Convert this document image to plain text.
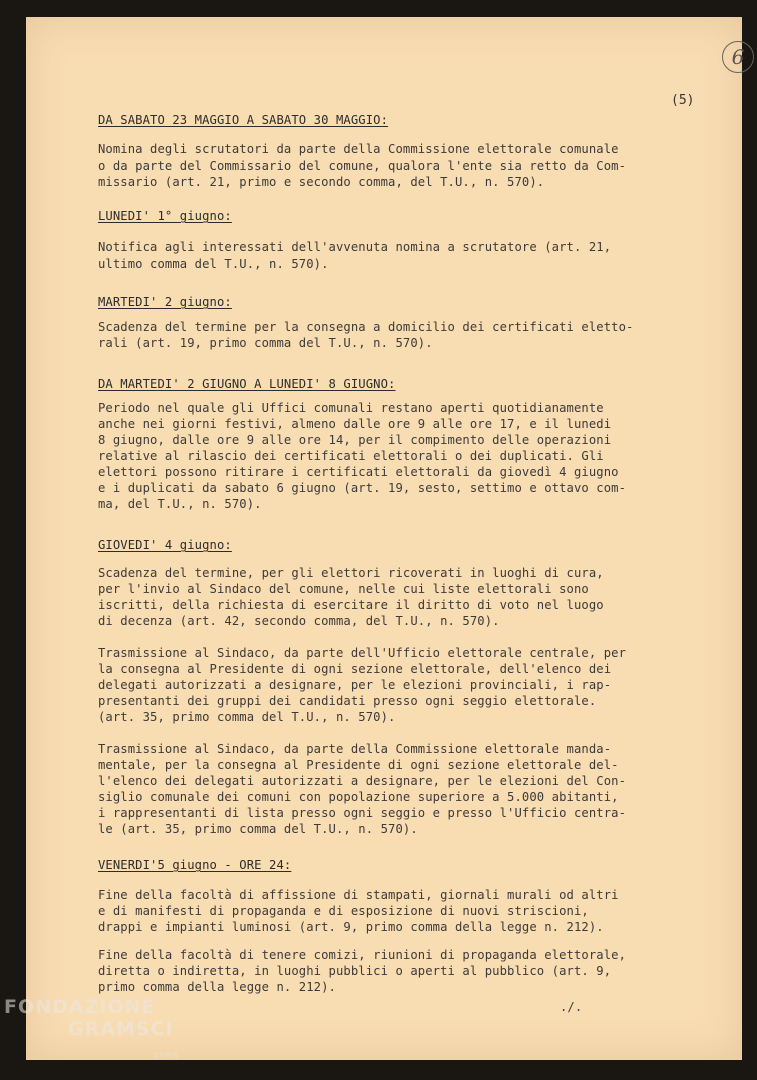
6
(5)
DA SABATO 23 MAGGIO A SABATO 30 MAGGIO:
Nomina degli scrutatori da parte della Commissione elettorale comunale
o da parte del Commissario del comune, qualora l'ente sia retto da Com-
missario (art. 21, primo e secondo comma, del T.U., n. 570).
LUNEDI' 1° giugno:
Notifica agli interessati dell'avvenuta nomina a scrutatore (art. 21,
ultimo comma del T.U., n. 570).
MARTEDI' 2 giugno:
Scadenza del termine per la consegna a domicilio dei certificati eletto-
rali (art. 19, primo comma del T.U., n. 570).
DA MARTEDI' 2 GIUGNO A LUNEDI' 8 GIUGNO:
Periodo nel quale gli Uffici comunali restano aperti quotidianamente
anche nei giorni festivi, almeno dalle ore 9 alle ore 17, e il lunedi
8 giugno, dalle ore 9 alle ore 14, per il compimento delle operazioni
relative al rilascio dei certificati elettorali o dei duplicati. Gli
elettori possono ritirare i certificati elettorali da giovedì 4 giugno
e i duplicati da sabato 6 giugno (art. 19, sesto, settimo e ottavo com-
ma, del T.U., n. 570).
GIOVEDI' 4 giugno:
Scadenza del termine, per gli elettori ricoverati in luoghi di cura,
per l'invio al Sindaco del comune, nelle cui liste elettorali sono
iscritti, della richiesta di esercitare il diritto di voto nel luogo
di decenza (art. 42, secondo comma, del T.U., n. 570).
Trasmissione al Sindaco, da parte dell'Ufficio elettorale centrale, per
la consegna al Presidente di ogni sezione elettorale, dell'elenco dei
delegati autorizzati a designare, per le elezioni provinciali, i rap-
presentanti dei gruppi dei candidati presso ogni seggio elettorale.
(art. 35, primo comma del T.U., n. 570).
Trasmissione al Sindaco, da parte della Commissione elettorale manda-
mentale, per la consegna al Presidente di ogni sezione elettorale del-
l'elenco dei delegati autorizzati a designare, per le elezioni del Con-
siglio comunale dei comuni con popolazione superiore a 5.000 abitanti,
i rappresentanti di lista presso ogni seggio e presso l'Ufficio centra-
le (art. 35, primo comma del T.U., n. 570).
VENERDI'5 giugno - ORE 24:
Fine della facoltà di affissione di stampati, giornali murali od altri
e di manifesti di propaganda e di esposizione di nuovi striscioni,
drappi e impianti luminosi (art. 9, primo comma della legge n. 212).
Fine della facoltà di tenere comizi, riunioni di propaganda elettorale,
diretta o indiretta, in luoghi pubblici o aperti al pubblico (art. 9,
primo comma della legge n. 212).
./.
FONDAZIONE
GRAMSCI
onlus
